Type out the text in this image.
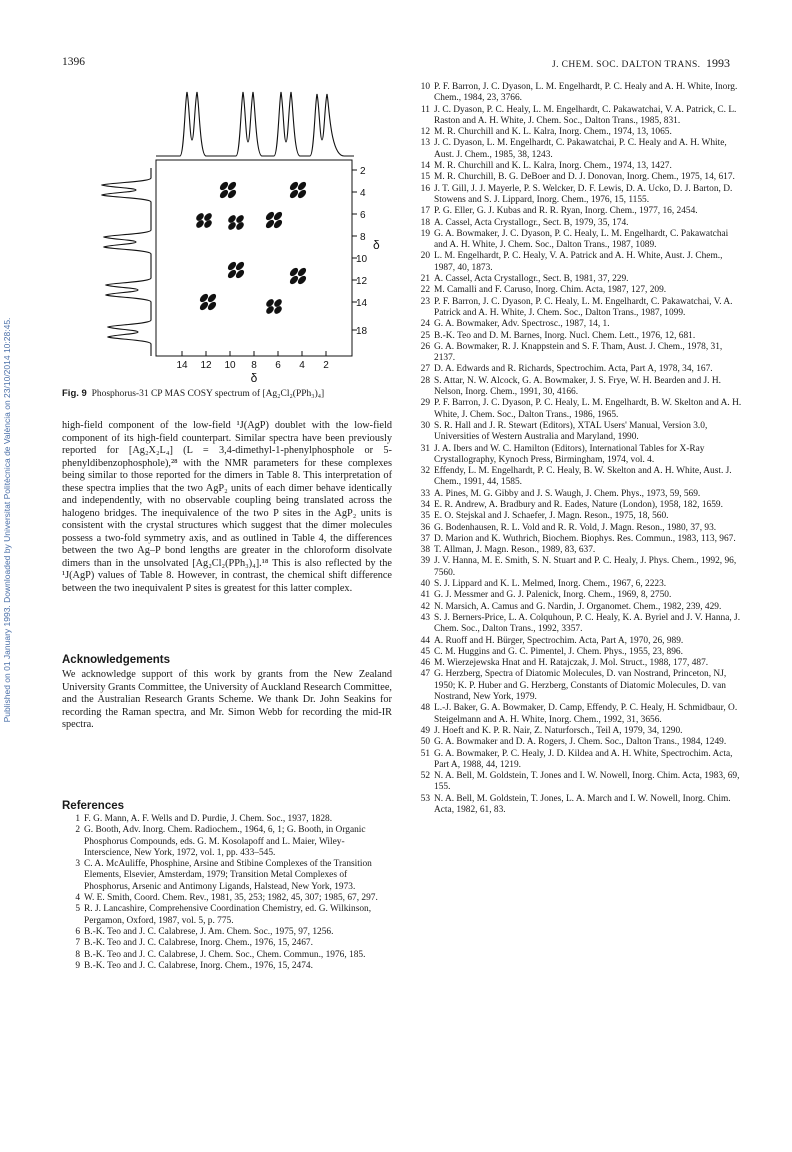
1396	J. CHEM. SOC. DALTON TRANS. 1993
Published on 01 January 1993. Downloaded by Universitat Politècnica de València on 23/10/2014 10:28:45.
2
4
6
8
10
12
14
18
δ
14 12 10 8 6 4 2
δ
Fig. 9 Phosphorus-31 CP MAS COSY spectrum of [Ag₂Cl₂(PPh₃)₄]

high-field component of the low-field ¹J(AgP) doublet with the low-field component of its high-field counterpart. Similar spectra have been previously reported for [Ag₂X₂L₄] (L = 3,4-dimethyl-1-phenylphosphole or 5-phenyldibenzophosphole),²⁸ with the NMR parameters for these complexes being similar to those reported for the dimers in Table 8. This interpretation of these spectra implies that the two AgP₂ units of each dimer behave identically and independently, with no observable coupling being translated across the halogeno bridges. The inequivalence of the two P sites in the AgP₂ units is consistent with the crystal structures which suggest that the dimer molecules possess a two-fold symmetry axis, and as outlined in Table 4, the differences between the two Ag–P bond lengths are greater in the chloroform disolvate dimers than in the unsolvated [Ag₂Cl₂(PPh₃)₄].¹⁸ This is also reflected by the ¹J(AgP) values of Table 8. However, in contrast, the chemical shift difference between the two inequivalent P sites is greatest for this latter complex.

Acknowledgements
We acknowledge support of this work by grants from the New Zealand University Grants Committee, the University of Auckland Research Committee, and the Australian Research Grants Scheme. We thank Dr. John Seakins for recording the Raman spectra, and Mr. Simon Webb for recording the mid-IR spectra.
References
1 F. G. Mann, A. F. Wells and D. Purdie, J. Chem. Soc., 1937, 1828.
2 G. Booth, Adv. Inorg. Chem. Radiochem., 1964, 6, 1; G. Booth, in Organic Phosphorus Compounds, eds. G. M. Kosolapoff and L. Maier, Wiley-Interscience, New York, 1972, vol. 1, pp. 433–545.
3 C. A. McAuliffe, Phosphine, Arsine and Stibine Complexes of the Transition Elements, Elsevier, Amsterdam, 1979; Transition Metal Complexes of Phosphorus, Arsenic and Antimony Ligands, Halstead, New York, 1973.
4 W. E. Smith, Coord. Chem. Rev., 1981, 35, 253; 1982, 45, 307; 1985, 67, 297.
5 R. J. Lancashire, Comprehensive Coordination Chemistry, ed. G. Wilkinson, Pergamon, Oxford, 1987, vol. 5, p. 775.
6 B.-K. Teo and J. C. Calabrese, J. Am. Chem. Soc., 1975, 97, 1256.
7 B.-K. Teo and J. C. Calabrese, Inorg. Chem., 1976, 15, 2467.
8 B.-K. Teo and J. C. Calabrese, J. Chem. Soc., Chem. Commun., 1976, 185.
9 B.-K. Teo and J. C. Calabrese, Inorg. Chem., 1976, 15, 2474.
10 P. F. Barron, J. C. Dyason, L. M. Engelhardt, P. C. Healy and A. H. White, Inorg. Chem., 1984, 23, 3766.
11 J. C. Dyason, P. C. Healy, L. M. Engelhardt, C. Pakawatchai, V. A. Patrick, C. L. Raston and A. H. White, J. Chem. Soc., Dalton Trans., 1985, 831.
12 M. R. Churchill and K. L. Kalra, Inorg. Chem., 1974, 13, 1065.
13 J. C. Dyason, L. M. Engelhardt, C. Pakawatchai, P. C. Healy and A. H. White, Aust. J. Chem., 1985, 38, 1243.
14 M. R. Churchill and K. L. Kalra, Inorg. Chem., 1974, 13, 1427.
15 M. R. Churchill, B. G. DeBoer and D. J. Donovan, Inorg. Chem., 1975, 14, 617.
16 J. T. Gill, J. J. Mayerle, P. S. Welcker, D. F. Lewis, D. A. Ucko, D. J. Barton, D. Stowens and S. J. Lippard, Inorg. Chem., 1976, 15, 1155.
17 P. G. Eller, G. J. Kubas and R. R. Ryan, Inorg. Chem., 1977, 16, 2454.
18 A. Cassel, Acta Crystallogr., Sect. B, 1979, 35, 174.
19 G. A. Bowmaker, J. C. Dyason, P. C. Healy, L. M. Engelhardt, C. Pakawatchai and A. H. White, J. Chem. Soc., Dalton Trans., 1987, 1089.
20 L. M. Engelhardt, P. C. Healy, V. A. Patrick and A. H. White, Aust. J. Chem., 1987, 40, 1873.
21 A. Cassel, Acta Crystallogr., Sect. B, 1981, 37, 229.
22 M. Camalli and F. Caruso, Inorg. Chim. Acta, 1987, 127, 209.
23 P. F. Barron, J. C. Dyason, P. C. Healy, L. M. Engelhardt, C. Pakawatchai, V. A. Patrick and A. H. White, J. Chem. Soc., Dalton Trans., 1987, 1099.
24 G. A. Bowmaker, Adv. Spectrosc., 1987, 14, 1.
25 B.-K. Teo and D. M. Barnes, Inorg. Nucl. Chem. Lett., 1976, 12, 681.
26 G. A. Bowmaker, R. J. Knappstein and S. F. Tham, Aust. J. Chem., 1978, 31, 2137.
27 D. A. Edwards and R. Richards, Spectrochim. Acta, Part A, 1978, 34, 167.
28 S. Attar, N. W. Alcock, G. A. Bowmaker, J. S. Frye, W. H. Bearden and J. H. Nelson, Inorg. Chem., 1991, 30, 4166.
29 P. F. Barron, J. C. Dyason, P. C. Healy, L. M. Engelhardt, B. W. Skelton and A. H. White, J. Chem. Soc., Dalton Trans., 1986, 1965.
30 S. R. Hall and J. R. Stewart (Editors), XTAL Users' Manual, Version 3.0, Universities of Western Australia and Maryland, 1990.
31 J. A. Ibers and W. C. Hamilton (Editors), International Tables for X-Ray Crystallography, Kynoch Press, Birmingham, 1974, vol. 4.
32 Effendy, L. M. Engelhardt, P. C. Healy, B. W. Skelton and A. H. White, Aust. J. Chem., 1991, 44, 1585.
33 A. Pines, M. G. Gibby and J. S. Waugh, J. Chem. Phys., 1973, 59, 569.
34 E. R. Andrew, A. Bradbury and R. Eades, Nature (London), 1958, 182, 1659.
35 E. O. Stejskal and J. Schaefer, J. Magn. Reson., 1975, 18, 560.
36 G. Bodenhausen, R. L. Vold and R. R. Vold, J. Magn. Reson., 1980, 37, 93.
37 D. Marion and K. Wuthrich, Biochem. Biophys. Res. Commun., 1983, 113, 967.
38 T. Allman, J. Magn. Reson., 1989, 83, 637.
39 J. V. Hanna, M. E. Smith, S. N. Stuart and P. C. Healy, J. Phys. Chem., 1992, 96, 7560.
40 S. J. Lippard and K. L. Melmed, Inorg. Chem., 1967, 6, 2223.
41 G. J. Messmer and G. J. Palenick, Inorg. Chem., 1969, 8, 2750.
42 N. Marsich, A. Camus and G. Nardin, J. Organomet. Chem., 1982, 239, 429.
43 S. J. Berners-Price, L. A. Colquhoun, P. C. Healy, K. A. Byriel and J. V. Hanna, J. Chem. Soc., Dalton Trans., 1992, 3357.
44 A. Ruoff and H. Bürger, Spectrochim. Acta, Part A, 1970, 26, 989.
45 C. M. Huggins and G. C. Pimentel, J. Chem. Phys., 1955, 23, 896.
46 M. Wierzejewska Hnat and H. Ratajczak, J. Mol. Struct., 1988, 177, 487.
47 G. Herzberg, Spectra of Diatomic Molecules, D. van Nostrand, Princeton, NJ, 1950; K. P. Huber and G. Herzberg, Constants of Diatomic Molecules, D. van Nostrand, New York, 1979.
48 L.-J. Baker, G. A. Bowmaker, D. Camp, Effendy, P. C. Healy, H. Schmidbaur, O. Steigelmann and A. H. White, Inorg. Chem., 1992, 31, 3656.
49 J. Hoeft and K. P. R. Nair, Z. Naturforsch., Teil A, 1979, 34, 1290.
50 G. A. Bowmaker and D. A. Rogers, J. Chem. Soc., Dalton Trans., 1984, 1249.
51 G. A. Bowmaker, P. C. Healy, J. D. Kildea and A. H. White, Spectrochim. Acta, Part A, 1988, 44, 1219.
52 N. A. Bell, M. Goldstein, T. Jones and I. W. Nowell, Inorg. Chim. Acta, 1983, 69, 155.
53 N. A. Bell, M. Goldstein, T. Jones, L. A. March and I. W. Nowell, Inorg. Chim. Acta, 1982, 61, 83.
